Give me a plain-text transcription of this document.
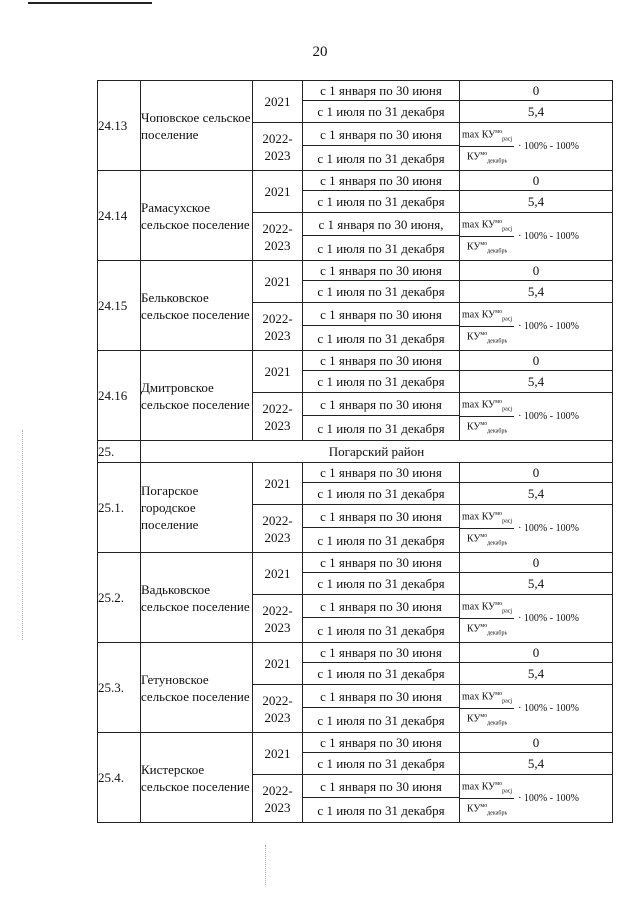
20
24.13	Чоповское сельское поселение	2021	с 1 января по 30 июня	0
			с 1 июля по 31 декабря	5,4
		2022-2023	с 1 января по 30 июня	$\frac{\max КУ^{мо}_{расj}}{КУ^{мо}_{декабрь}} \cdot 100\% - 100\%$
			с 1 июля по 31 декабря	
24.14	Рамасухское сельское поселение	2021	с 1 января по 30 июня	0
			с 1 июля по 31 декабря	5,4
		2022-2023	с 1 января по 30 июня,	$\frac{\max КУ^{мо}_{расj}}{КУ^{мо}_{декабрь}} \cdot 100\% - 100\%$
			с 1 июля по 31 декабря	
24.15	Бельковское сельское поселение	2021	с 1 января по 30 июня	0
			с 1 июля по 31 декабря	5,4
		2022-2023	с 1 января по 30 июня	$\frac{\max КУ^{мо}_{расj}}{КУ^{мо}_{декабрь}} \cdot 100\% - 100\%$
			с 1 июля по 31 декабря	
24.16	Дмитровское сельское поселение	2021	с 1 января по 30 июня	0
			с 1 июля по 31 декабря	5,4
		2022-2023	с 1 января по 30 июня	$\frac{\max КУ^{мо}_{расj}}{КУ^{мо}_{декабрь}} \cdot 100\% - 100\%$
			с 1 июля по 31 декабря	
25.	Погарский район			
25.1.	Погарское городское поселение	2021	с 1 января по 30 июня	0
			с 1 июля по 31 декабря	5,4
		2022-2023	с 1 января по 30 июня	$\frac{\max КУ^{мо}_{расj}}{КУ^{мо}_{декабрь}} \cdot 100\% - 100\%$
			с 1 июля по 31 декабря	
25.2.	Вадьковское сельское поселение	2021	с 1 января по 30 июня	0
			с 1 июля по 31 декабря	5,4
		2022-2023	с 1 января по 30 июня	$\frac{\max КУ^{мо}_{расj}}{КУ^{мо}_{декабрь}} \cdot 100\% - 100\%$
			с 1 июля по 31 декабря	
25.3.	Гетуновское сельское поселение	2021	с 1 января по 30 июня	0
			с 1 июля по 31 декабря	5,4
		2022-2023	с 1 января по 30 июня	$\frac{\max КУ^{мо}_{расj}}{КУ^{мо}_{декабрь}} \cdot 100\% - 100\%$
			с 1 июля по 31 декабря	
25.4.	Кистерское сельское поселение	2021	с 1 января по 30 июня	0
			с 1 июля по 31 декабря	5,4
		2022-2023	с 1 января по 30 июня	$\frac{\max КУ^{мо}_{расj}}{КУ^{мо}_{декабрь}} \cdot 100\% - 100\%$
			с 1 июля по 31 декабря	
